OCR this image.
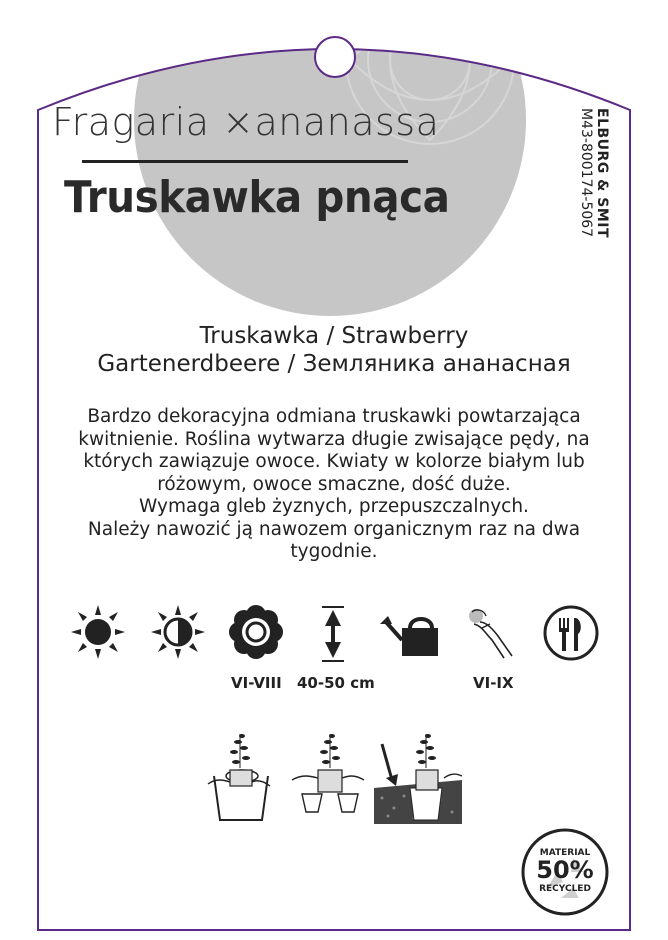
Fragaria ×ananassa
Truskawka pnąca	ELBURG & SMIT
M43-800174-5067
Truskawka / Strawberry
Gartenerdbeere / Земляника ананасная
Bardzo dekoracyjna odmiana truskawki powtarzająca
kwitnienie. Roślina wytwarza długie zwisające pędy, na
których zawiązuje owoce. Kwiaty w kolorze białym lub
różowym, owoce smaczne, dość duże.
Wymaga gleb żyznych, przepuszczalnych.
Należy nawozić ją nawozem organicznym raz na dwa
tygodnie.
VI-VIII 40-50 cm	VI-IX
MATERIAL
50%
RECYCLED
